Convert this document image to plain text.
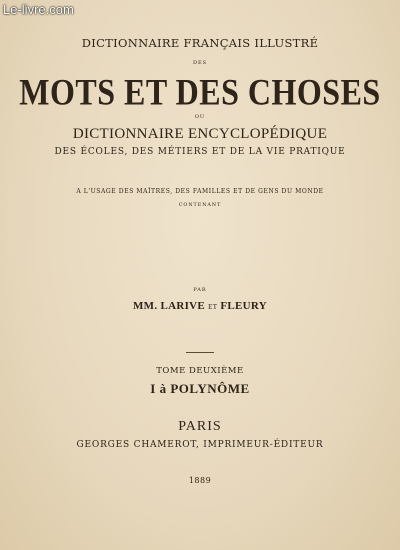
Le-livre.com
DICTIONNAIRE FRANÇAIS ILLUSTRÉ
DES
MOTS ET DES CHOSES
OU
DICTIONNAIRE ENCYCLOPÉDIQUE
DES ÉCOLES, DES MÉTIERS ET DE LA VIE PRATIQUE
A L'USAGE DES MAÎTRES, DES FAMILLES ET DE GENS DU MONDE
CONTENANT
PAR
MM. LARIVE ET FLEURY
TOME DEUXIÈME
I à POLYNÔME
PARIS
GEORGES CHAMEROT, IMPRIMEUR-ÉDITEUR
1889
